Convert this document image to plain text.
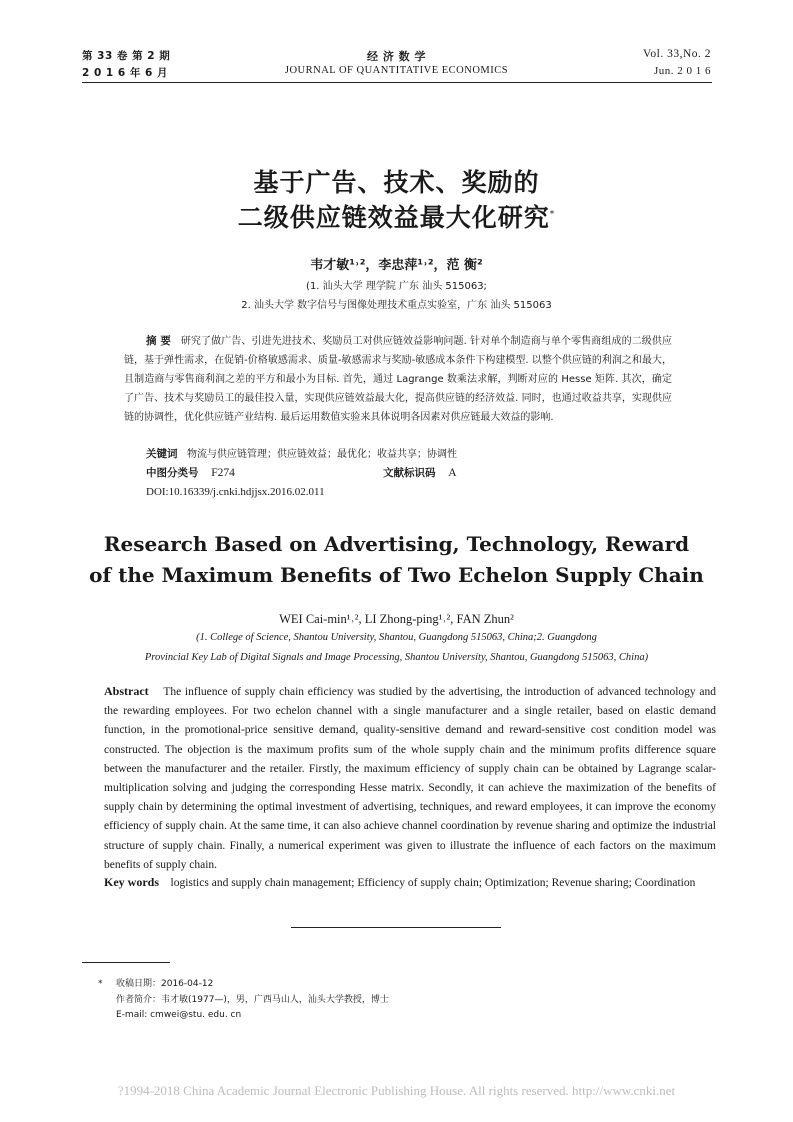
第 33 卷 第 2 期
2 0 1 6 年 6 月
经 济 数 学
JOURNAL OF QUANTITATIVE ECONOMICS
Vol. 33,No. 2
Jun. 2 0 1 6
基于广告、技术、奖励的
二级供应链效益最大化研究*
韦才敏¹˒²，李忠萍¹˒²，范 衡²
(1. 汕头大学 理学院 广东 汕头 515063;
2. 汕头大学 数字信号与图像处理技术重点实验室，广东 汕头 515063
摘 要 研究了做广告、引进先进技术、奖励员工对供应链效益影响问题. 针对单个制造商与单个零售商组成的二级供应链，基于弹性需求，在促销-价格敏感需求、质量-敏感需求与奖励-敏感成本条件下构建模型. 以整个供应链的利润之和最大，且制造商与零售商利润之差的平方和最小为目标. 首先，通过 Lagrange 数乘法求解，判断对应的 Hesse 矩阵. 其次，确定了广告、技术与奖励员工的最佳投入量，实现供应链效益最大化，提高供应链的经济效益. 同时，也通过收益共享，实现供应链的协调性，优化供应链产业结构. 最后运用数值实验来具体说明各因素对供应链最大效益的影响.
关键词 物流与供应链管理；供应链效益；最优化；收益共享；协调性
中图分类号 F274	文献标识码 A
DOI:10.16339/j.cnki.hdjjsx.2016.02.011
Research Based on Advertising, Technology, Reward
of the Maximum Benefits of Two Echelon Supply Chain
WEI Cai-min¹˒², LI Zhong-ping¹˒², FAN Zhun²
(1. College of Science, Shantou University, Shantou, Guangdong 515063, China;2. Guangdong
Provincial Key Lab of Digital Signals and Image Processing, Shantou University, Shantou, Guangdong 515063, China)
Abstract The influence of supply chain efficiency was studied by the advertising, the introduction of advanced technology and the rewarding employees. For two echelon channel with a single manufacturer and a single retailer, based on elastic demand function, in the promotional-price sensitive demand, quality-sensitive demand and reward-sensitive cost condition model was constructed. The objection is the maximum profits sum of the whole supply chain and the minimum profits difference square between the manufacturer and the retailer. Firstly, the maximum efficiency of supply chain can be obtained by Lagrange scalar-multiplication solving and judging the corresponding Hesse matrix. Secondly, it can achieve the maximization of the benefits of supply chain by determining the optimal investment of advertising, techniques, and reward employees, it can improve the economy efficiency of supply chain. At the same time, it can also achieve channel coordination by revenue sharing and optimize the industrial structure of supply chain. Finally, a numerical experiment was given to illustrate the influence of each factors on the maximum benefits of supply chain.
Key words logistics and supply chain management; Efficiency of supply chain; Optimization; Revenue sharing; Coordination
* 收稿日期：2016-04-12
作者简介：韦才敏(1977—)，男，广西马山人，汕头大学教授，博士
E-mail: cmwei@stu. edu. cn
?1994-2018 China Academic Journal Electronic Publishing House. All rights reserved. http://www.cnki.net
